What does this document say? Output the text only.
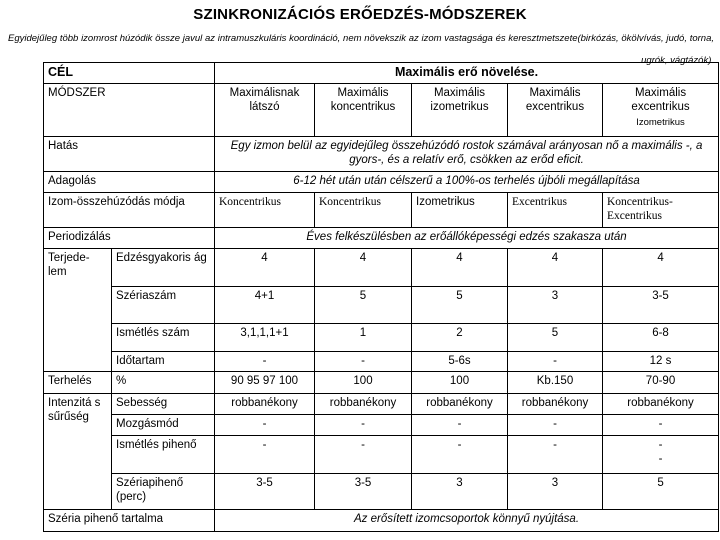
SZINKRONIZÁCIÓS ERŐEDZÉS-MÓDSZEREK
Egyidejűleg több izomrost húzódik össze javul az intramuszkuláris koordináció, nem növekszik az izom vastagsága és keresztmetszete(birkózás, ökölvívás, judó, torna, ugrók, vágtázók).
CÉL		Maximális erő növelése.				
MÓDSZER		Maximálisnak látszó	Maximális koncentrikus	Maximális izometrikus	Maximális excentrikus	Maximális excentrikus
Izometrikus

Hatás		Egy izmon belül az egyidejűleg összehúzódó rostok számával arányosan nő a maximális -, a gyors-, és a relatív erő, csökken az erőd eficit.				
Adagolás		6-12 hét után után célszerű a 100%-os terhelés újbóli megállapítása				
Izom-összehúzódás módja		Koncentrikus	Koncentrikus	Izometrikus	Excentrikus	Koncentrikus-Excentrikus
Periodizálás		Éves felkészülésben az erőállóképességi edzés szakasza után				
Terjede-lem	Edzésgyakoris ág	4	4	4	4	4
	Szériaszám	4+1	5	5	3	3-5
	Ismétlés szám	3,1,1,1+1	1	2	5	6-8
	Időtartam	-	-	5-6s	-	12 s
Terhelés	%	90 95 97 100	100	100	Kb.150	70-90
Intenzitá s sűrűség	Sebesség	robbanékony	robbanékony	robbanékony	robbanékony	robbanékony
	Mozgásmód	-	-	-	-	-
	Ismétlés pihenő	-	-	-	-	-
-

	Szériapihenő (perc)	3-5	3-5	3	3	5
Széria pihenő tartalma		Az erősített izomcsoportok könnyű nyújtása.				
